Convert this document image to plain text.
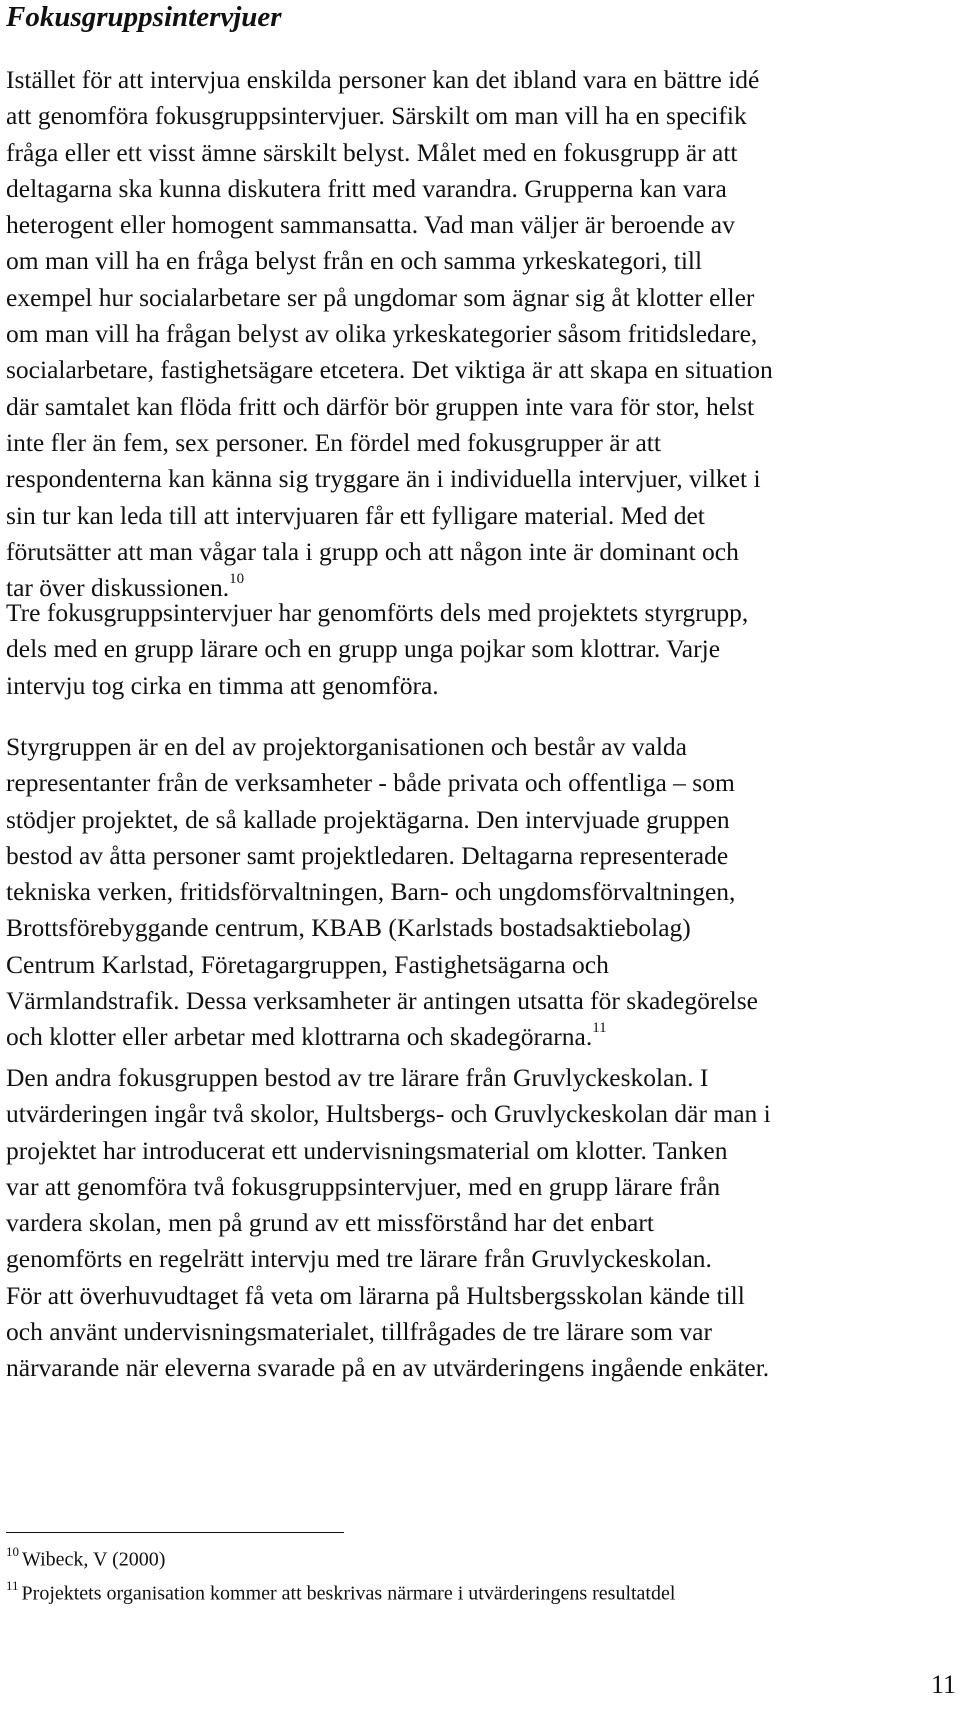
Fokusgruppsintervjuer

Istället för att intervjua enskilda personer kan det ibland vara en bättre idé
att genomföra fokusgruppsintervjuer. Särskilt om man vill ha en specifik
fråga eller ett visst ämne särskilt belyst. Målet med en fokusgrupp är att
deltagarna ska kunna diskutera fritt med varandra. Grupperna kan vara
heterogent eller homogent sammansatta. Vad man väljer är beroende av
om man vill ha en fråga belyst från en och samma yrkeskategori, till
exempel hur socialarbetare ser på ungdomar som ägnar sig åt klotter eller
om man vill ha frågan belyst av olika yrkeskategorier såsom fritidsledare,
socialarbetare, fastighetsägare etcetera. Det viktiga är att skapa en situation
där samtalet kan flöda fritt och därför bör gruppen inte vara för stor, helst
inte fler än fem, sex personer. En fördel med fokusgrupper är att
respondenterna kan känna sig tryggare än i individuella intervjuer, vilket i
sin tur kan leda till att intervjuaren får ett fylligare material. Med det
förutsätter att man vågar tala i grupp och att någon inte är dominant och
tar över diskussionen.$^{10}$

Tre fokusgruppsintervjuer har genomförts dels med projektets styrgrupp,
dels med en grupp lärare och en grupp unga pojkar som klottrar. Varje
intervju tog cirka en timma att genomföra.

Styrgruppen är en del av projektorganisationen och består av valda
representanter från de verksamheter - både privata och offentliga – som
stödjer projektet, de så kallade projektägarna. Den intervjuade gruppen
bestod av åtta personer samt projektledaren. Deltagarna representerade
tekniska verken, fritidsförvaltningen, Barn- och ungdomsförvaltningen,
Brottsförebyggande centrum, KBAB (Karlstads bostadsaktiebolag)
Centrum Karlstad, Företagargruppen, Fastighetsägarna och
Värmlandstrafik. Dessa verksamheter är antingen utsatta för skadegörelse
och klotter eller arbetar med klottrarna och skadegörarna.$^{11}$

Den andra fokusgruppen bestod av tre lärare från Gruvlyckeskolan. I
utvärderingen ingår två skolor, Hultsbergs- och Gruvlyckeskolan där man i
projektet har introducerat ett undervisningsmaterial om klotter. Tanken
var att genomföra två fokusgruppsintervjuer, med en grupp lärare från
vardera skolan, men på grund av ett missförstånd har det enbart
genomförts en regelrätt intervju med tre lärare från Gruvlyckeskolan.
För att överhuvudtaget få veta om lärarna på Hultsbergsskolan kände till
och använt undervisningsmaterialet, tillfrågades de tre lärare som var
närvarande när eleverna svarade på en av utvärderingens ingående enkäter.

$^{10}$ Wibeck, V (2000)
$^{11}$ Projektets organisation kommer att beskrivas närmare i utvärderingens resultatdel
11
